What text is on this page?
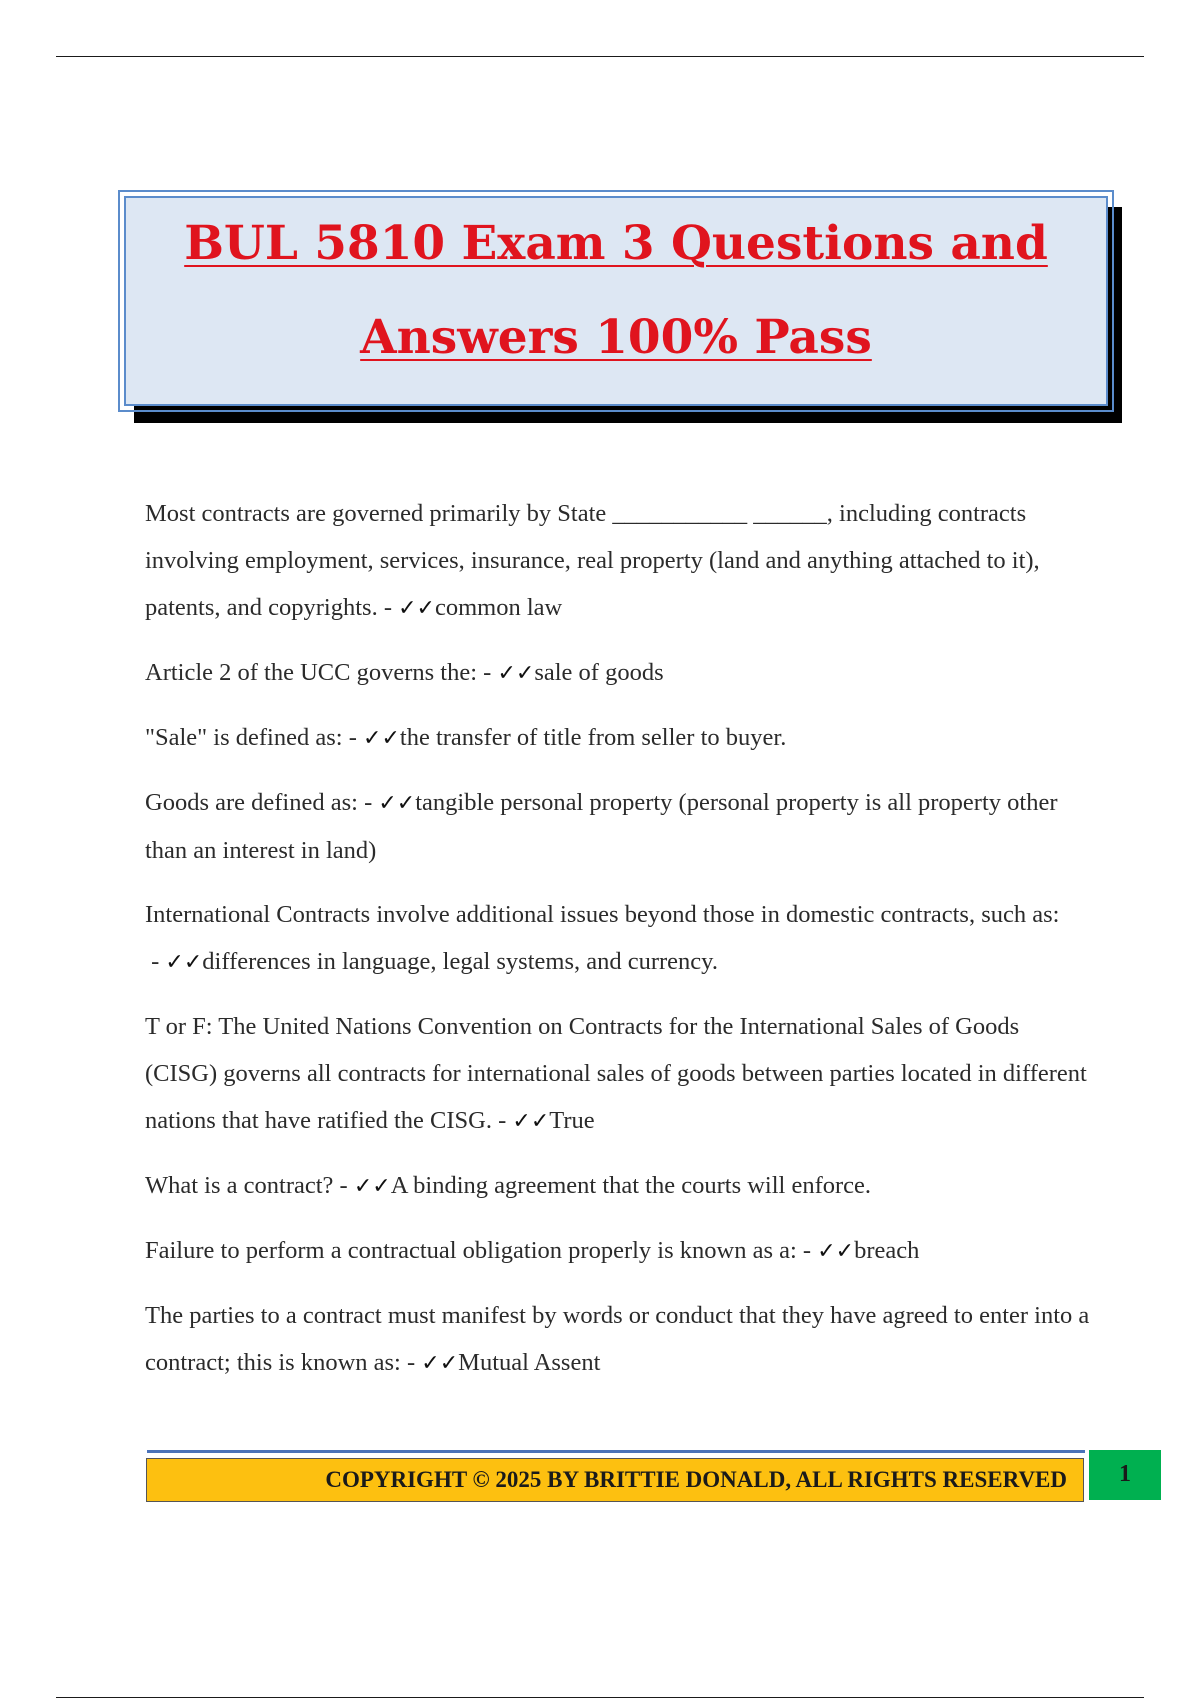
BUL 5810 Exam 3 Questions and
Answers 100% Pass

Most contracts are governed primarily by State ___________ ______, including contracts involving employment, services, insurance, real property (land and anything attached to it), patents, and copyrights. - ✓✓common law

Article 2 of the UCC governs the: - ✓✓sale of goods

"Sale" is defined as: - ✓✓the transfer of title from seller to buyer.

Goods are defined as: - ✓✓tangible personal property (personal property is all property other than an interest in land)

International Contracts involve additional issues beyond those in domestic contracts, such as: - ✓✓differences in language, legal systems, and currency.

T or F: The United Nations Convention on Contracts for the International Sales of Goods (CISG) governs all contracts for international sales of goods between parties located in different nations that have ratified the CISG. - ✓✓True

What is a contract? - ✓✓A binding agreement that the courts will enforce.

Failure to perform a contractual obligation properly is known as a: - ✓✓breach

The parties to a contract must manifest by words or conduct that they have agreed to enter into a contract; this is known as: - ✓✓Mutual Assent

COPYRIGHT © 2025 BY BRITTIE DONALD, ALL RIGHTS RESERVED	1
